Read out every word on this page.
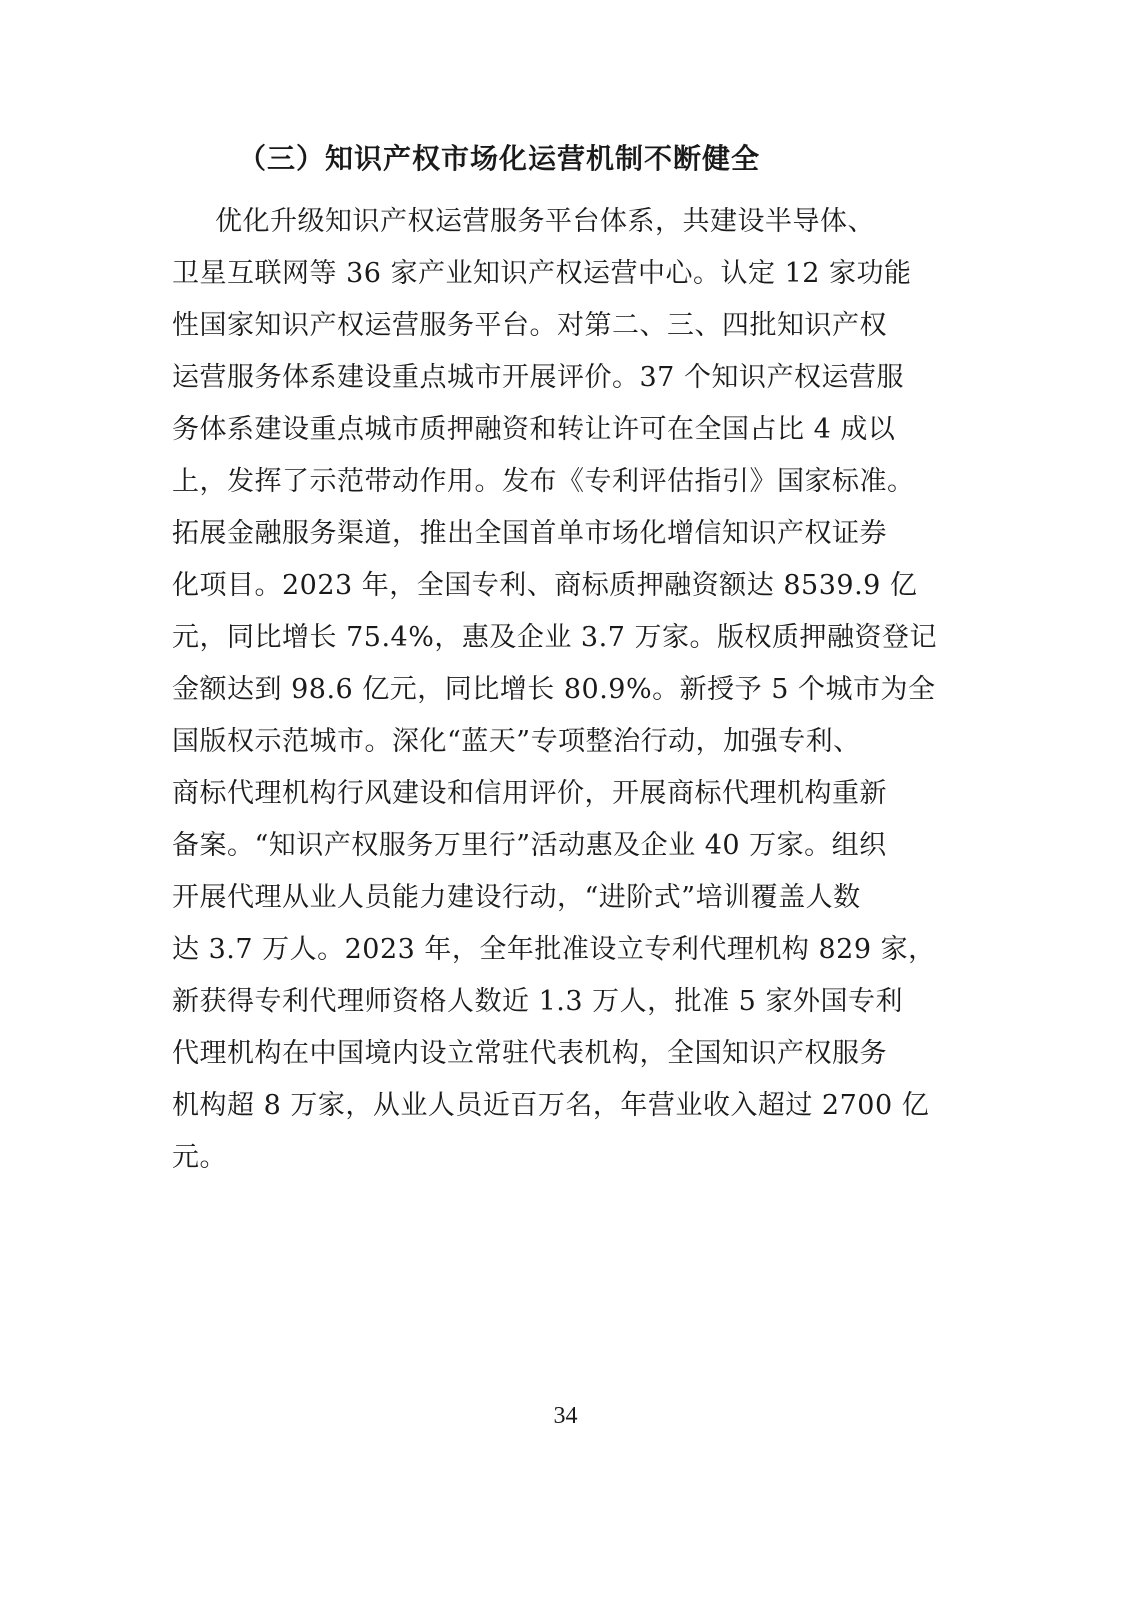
（三）知识产权市场化运营机制不断健全

优化升级知识产权运营服务平台体系，共建设半导体、

卫星互联网等 36 家产业知识产权运营中心。认定 12 家功能

性国家知识产权运营服务平台。对第二、三、四批知识产权

运营服务体系建设重点城市开展评价。37 个知识产权运营服

务体系建设重点城市质押融资和转让许可在全国占比 4 成以

上，发挥了示范带动作用。发布《专利评估指引》国家标准。

拓展金融服务渠道，推出全国首单市场化增信知识产权证券

化项目。2023 年，全国专利、商标质押融资额达 8539.9 亿

元，同比增长 75.4%，惠及企业 3.7 万家。版权质押融资登记

金额达到 98.6 亿元，同比增长 80.9%。新授予 5 个城市为全

国版权示范城市。深化“蓝天”专项整治行动，加强专利、

商标代理机构行风建设和信用评价，开展商标代理机构重新

备案。“知识产权服务万里行”活动惠及企业 40 万家。组织

开展代理从业人员能力建设行动，“进阶式”培训覆盖人数

达 3.7 万人。2023 年，全年批准设立专利代理机构 829 家，

新获得专利代理师资格人数近 1.3 万人，批准 5 家外国专利

代理机构在中国境内设立常驻代表机构，全国知识产权服务

机构超 8 万家，从业人员近百万名，年营业收入超过 2700 亿

元。

34
